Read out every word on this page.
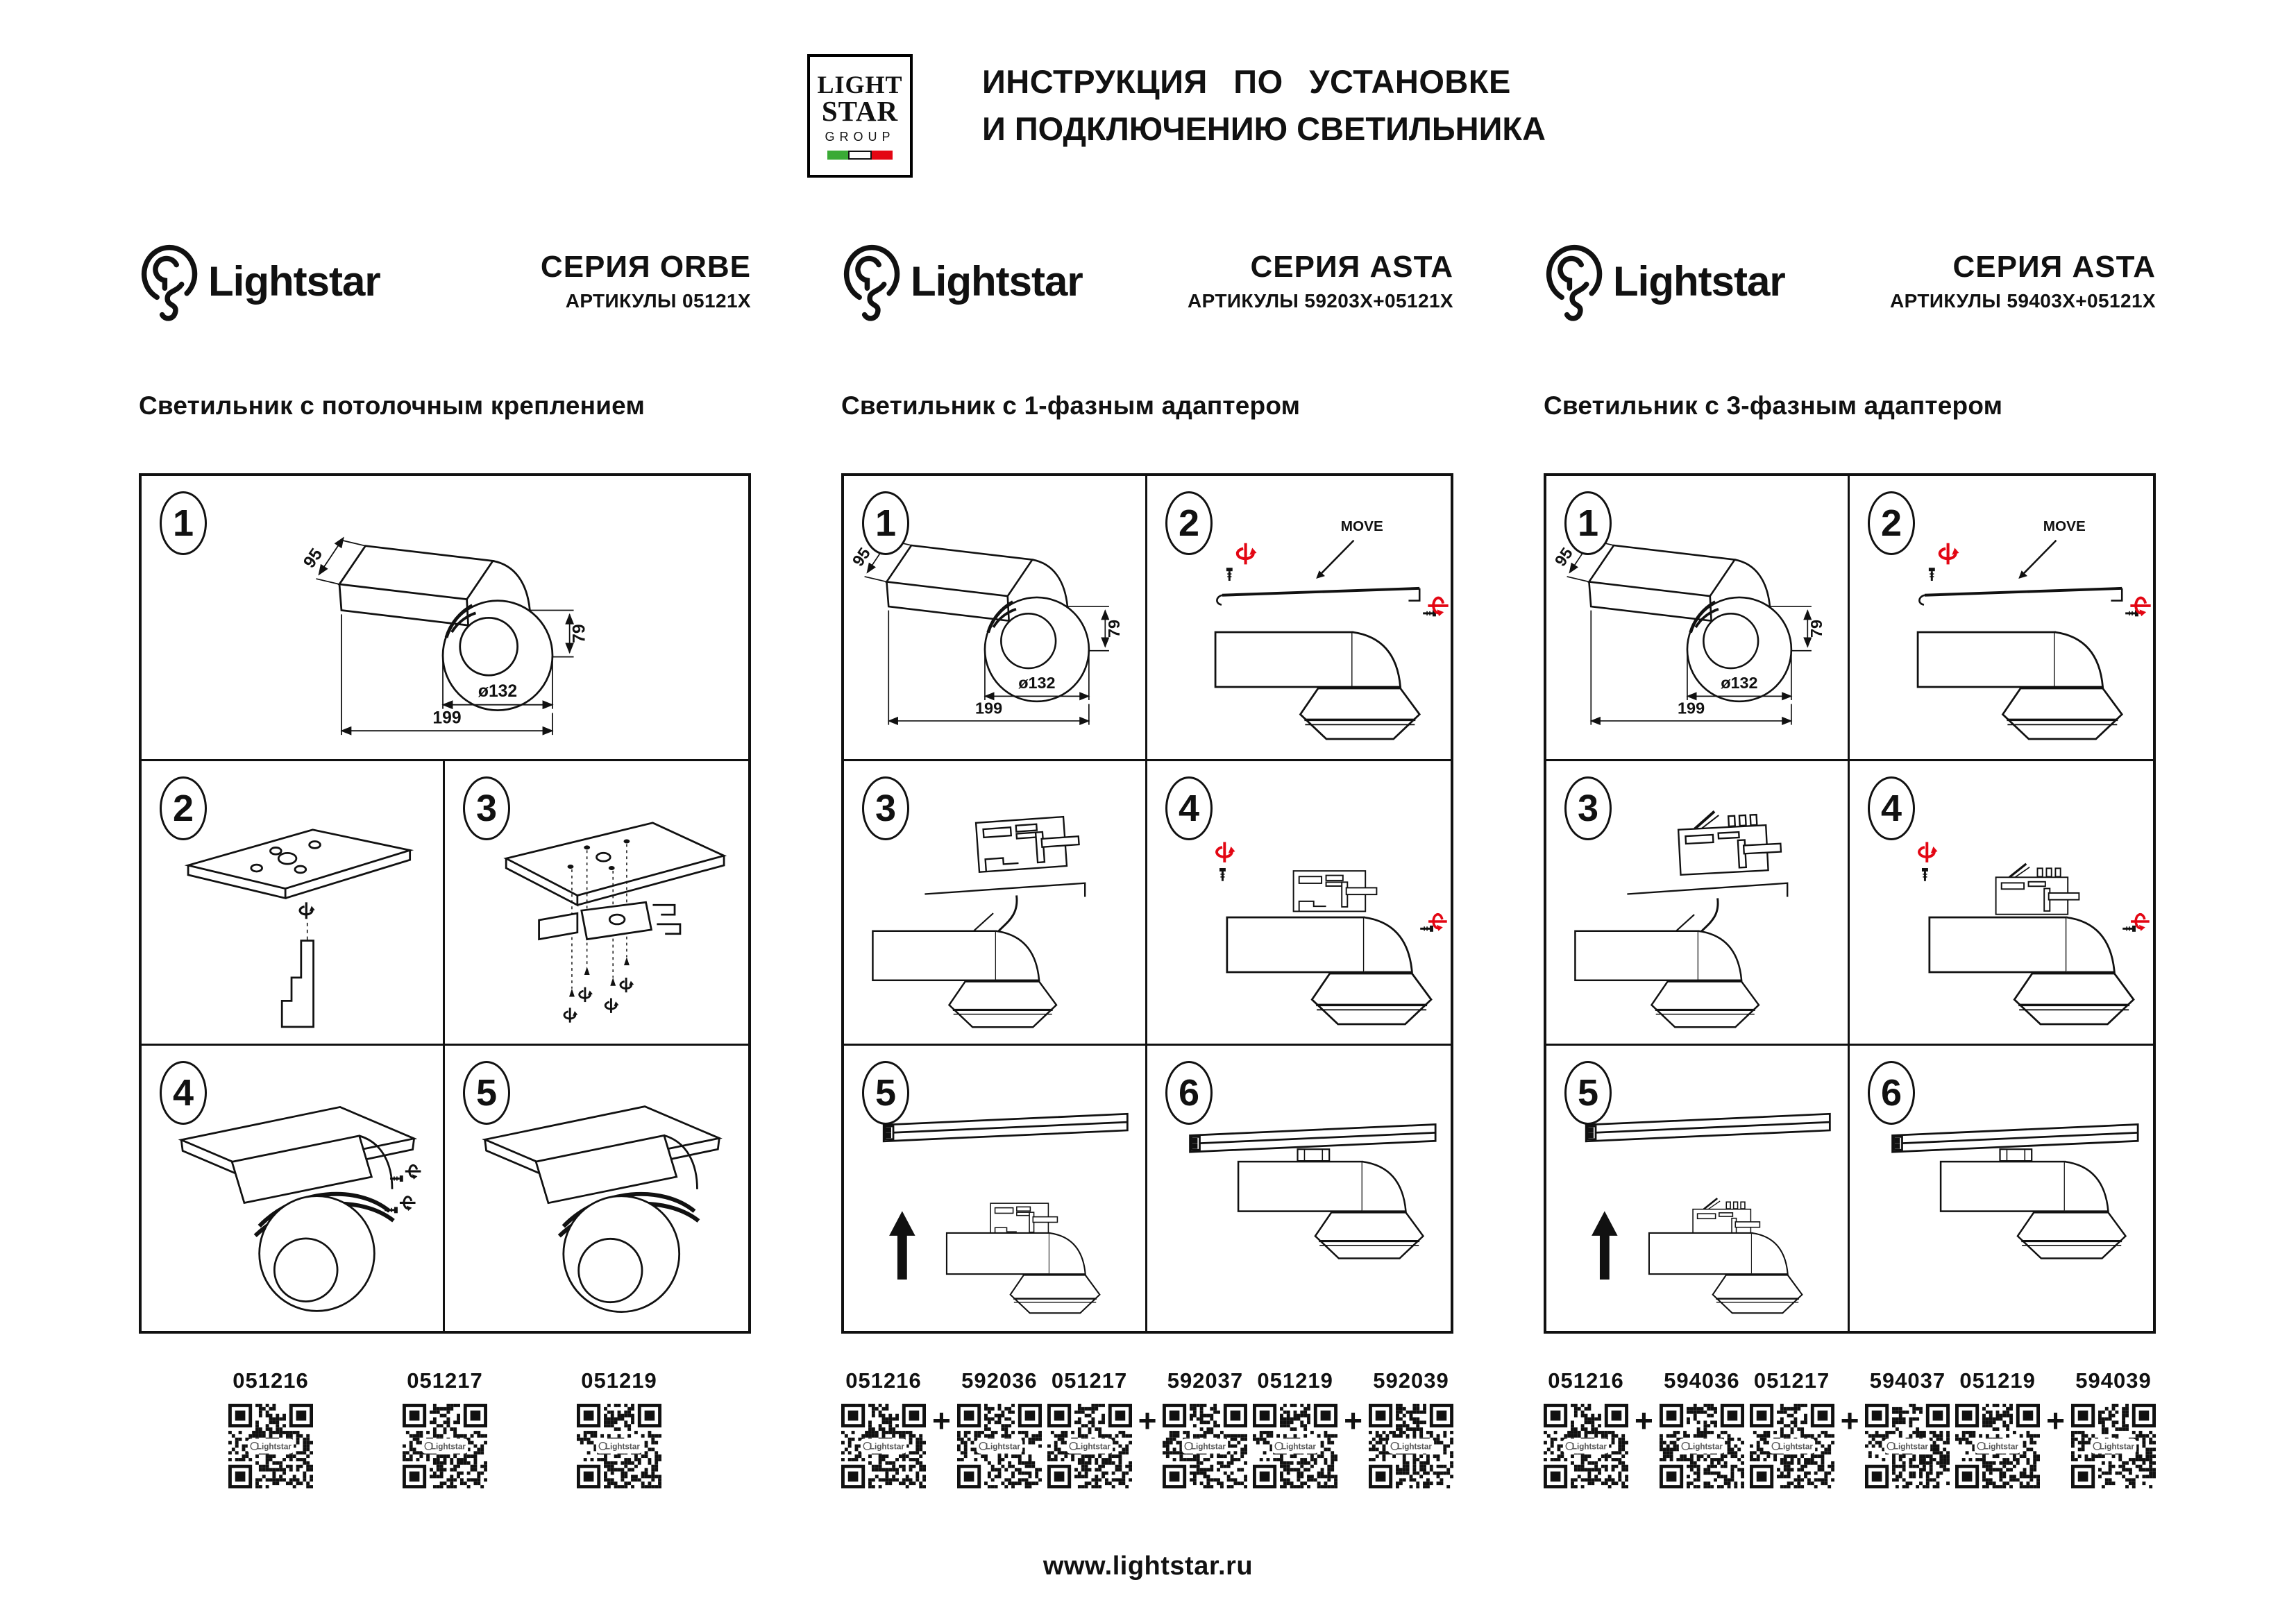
LIGHT
STAR
GROUP
ИНСТРУКЦИЯ ПО УСТАНОВКЕ
И ПОДКЛЮЧЕНИЮ СВЕТИЛЬНИКА
Lightstar	СЕРИЯ ORBE
АРТИКУЛЫ 05121X
Светильник с потолочным креплением
1
2	3
4	5
051216
Lightstar
051217
Lightstar
051219
Lightstar
Lightstar	СЕРИЯ ASTA
АРТИКУЛЫ 59203X+05121X
Светильник с 1-фазным адаптером
1	2
3	4
5	6
051216
Lightstar
+
592036
Lightstar
051217
Lightstar
+
592037
Lightstar
051219
Lightstar
+
592039
Lightstar
Lightstar	СЕРИЯ ASTA
АРТИКУЛЫ 59403X+05121X
Светильник с 3-фазным адаптером
1	2
3	4
5	6
051216
Lightstar
+
594036
Lightstar
051217
Lightstar
+
594037
Lightstar
051219
Lightstar
+
594039
Lightstar
www.lightstar.ru
